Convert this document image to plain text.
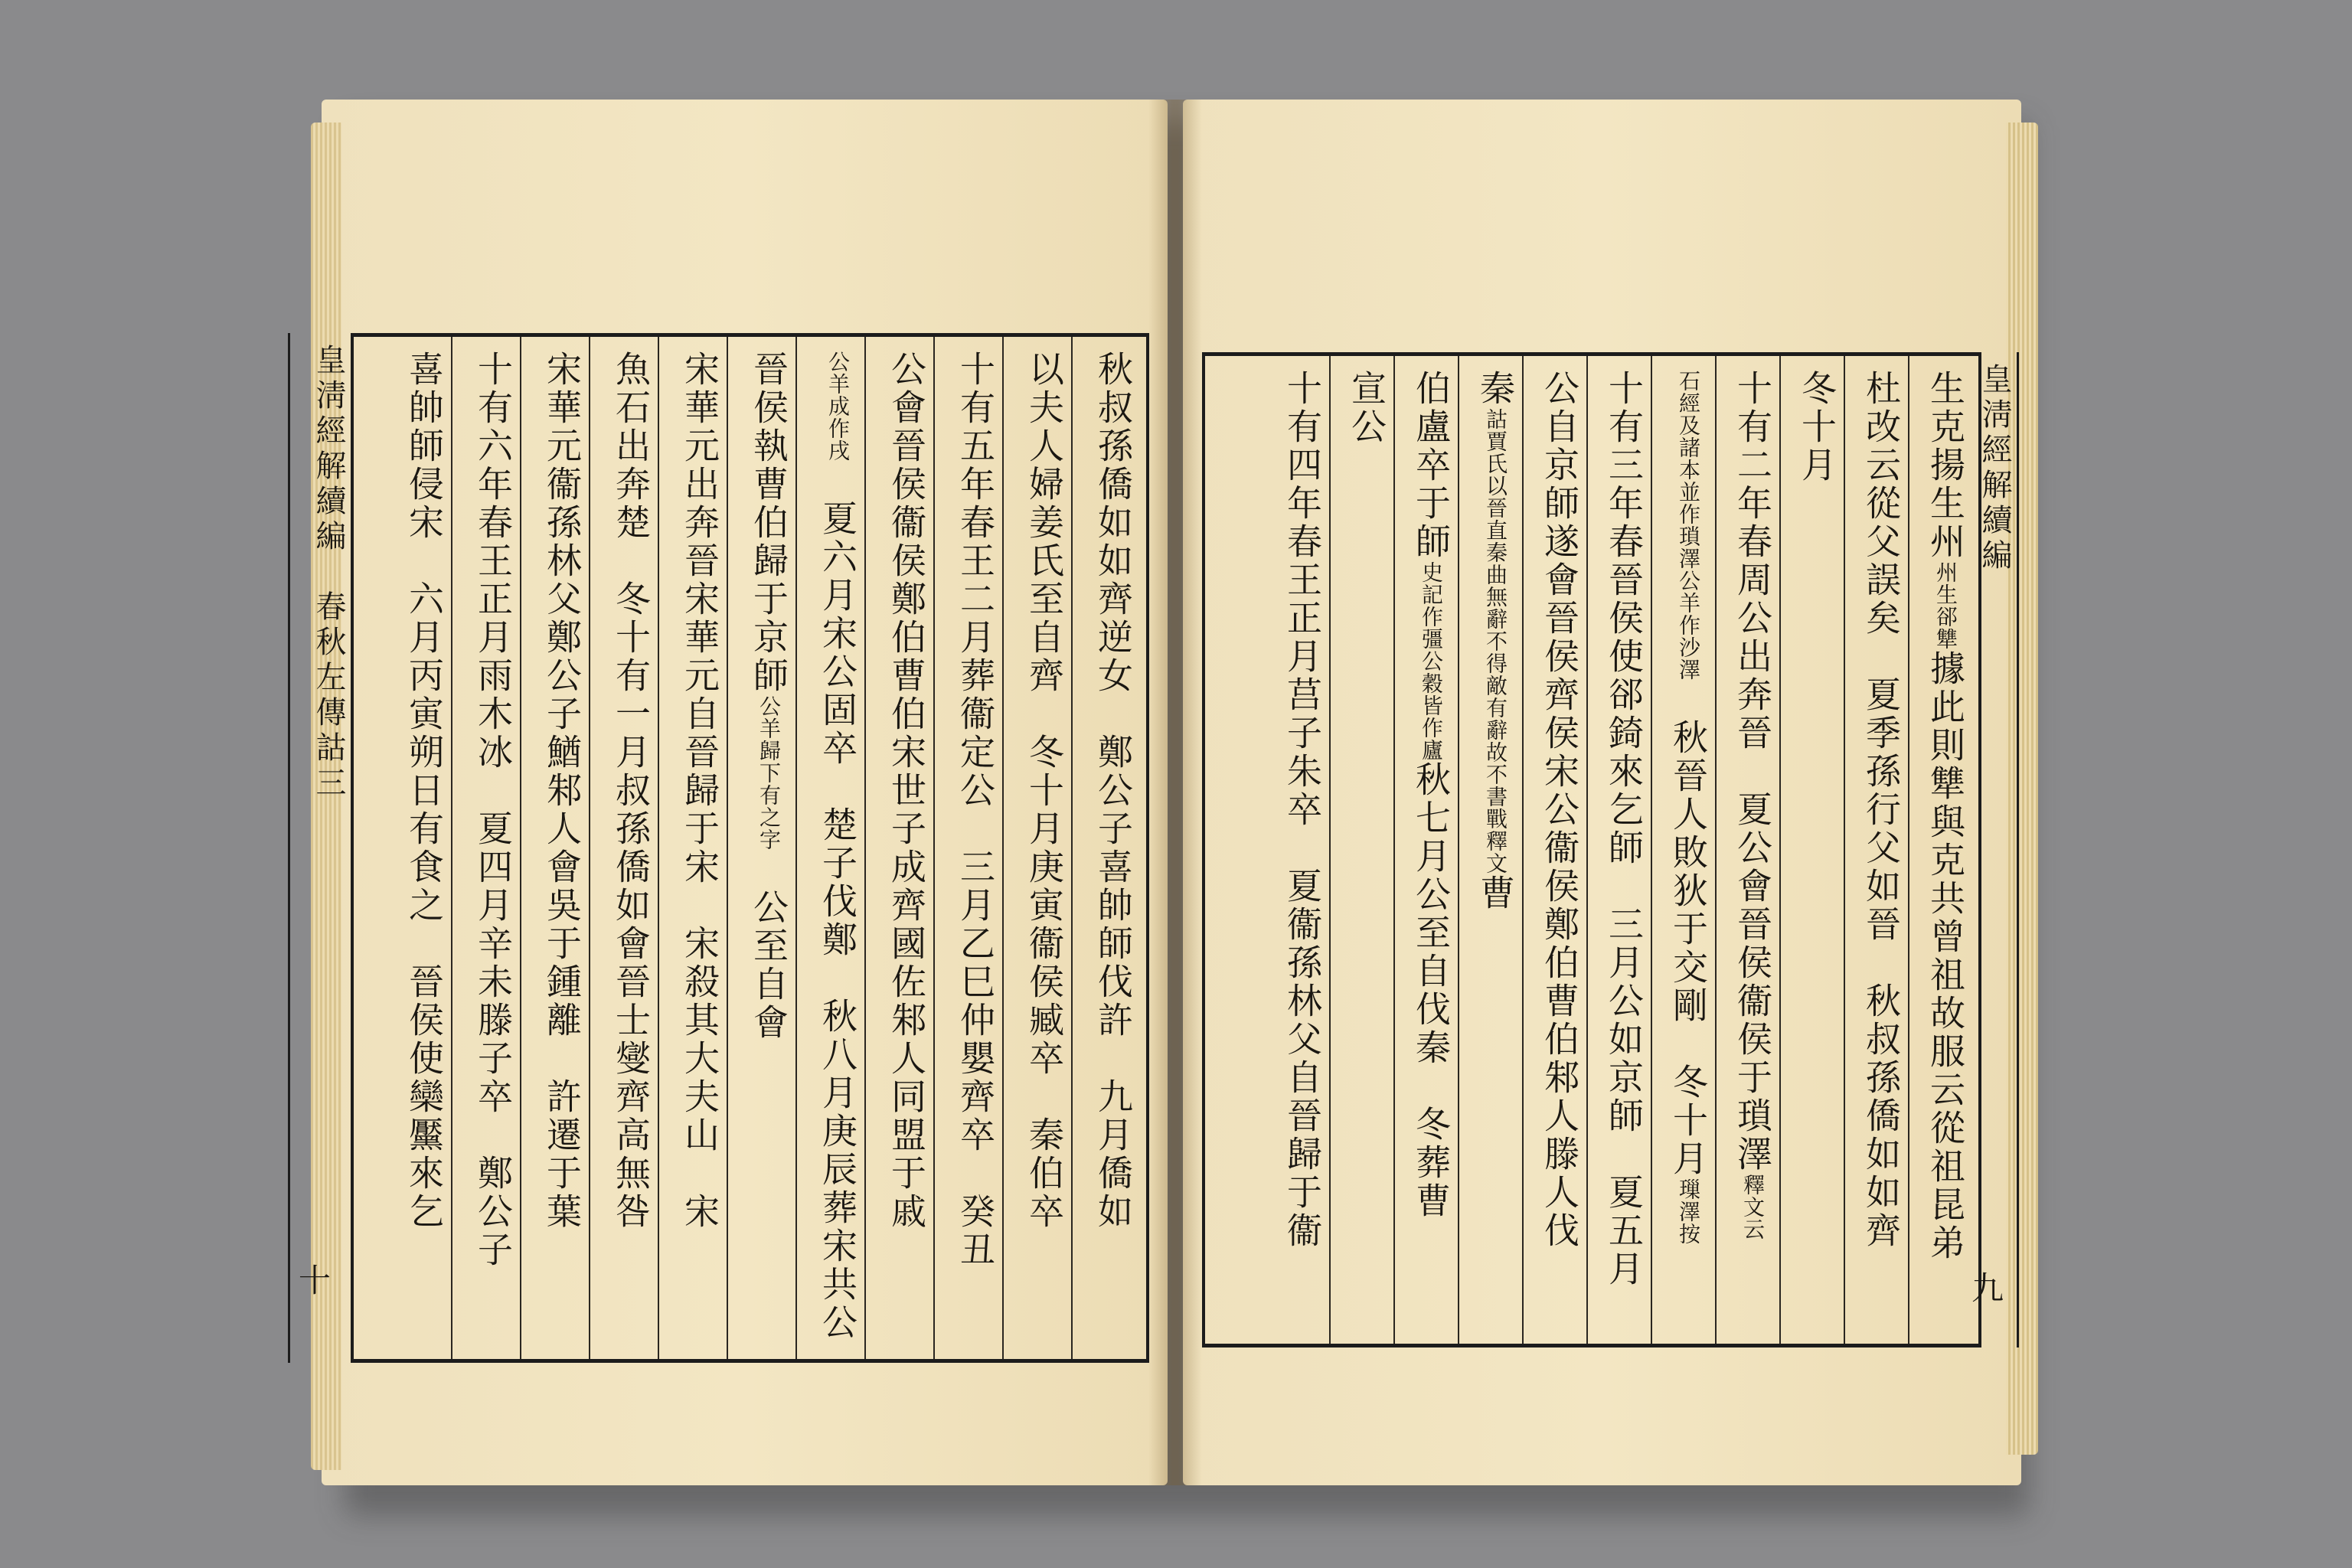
秋叔孫僑如如齊逆女　鄭公子喜帥師伐許　九月僑如
以夫人婦姜氏至自齊　冬十月庚寅衞侯臧卒　秦伯卒
十有五年春王二月葬衞定公　三月乙巳仲嬰齊卒　癸丑
公會晉侯衞侯鄭伯曹伯宋世子成齊國佐邾人同盟于戚
公羊成作戌　夏六月宋公固卒　楚子伐鄭　秋八月庚辰葬宋共公
晉侯執曹伯歸于京師公羊歸下有之字　公至自會
宋華元出奔晉宋華元自晉歸于宋　宋殺其大夫山　宋
魚石出奔楚　冬十有一月叔孫僑如會晉士燮齊高無咎
宋華元衞孫林父鄭公子鰌邾人會吳于鍾離　許遷于葉
十有六年春王正月雨木冰　夏四月辛未滕子卒　鄭公子
喜帥師侵宋　六月丙寅朔日有食之　晉侯使欒黶來乞
皇淸經解續編　春秋左傳詁三
十
生克揚生州州生郤犨據此則犨與克共曾祖故服云從祖昆弟
杜改云從父誤矣　夏季孫行父如晉　秋叔孫僑如如齊
冬十月
十有二年春周公出奔晉　夏公會晉侯衞侯于瑣澤釋文云
石經及諸本並作瑣澤公羊作沙澤　秋晉人敗狄于交剛　冬十月璅澤按
十有三年春晉侯使郤錡來乞師　三月公如京師　夏五月
公自京師遂會晉侯齊侯宋公衞侯鄭伯曹伯邾人滕人伐
秦詁賈氏以晉直秦曲無辭不得敵有辭故不書戰釋文曹
伯盧卒于師史記作彊公穀皆作廬秋七月公至自伐秦　冬葬曹
宣公
十有四年春王正月莒子朱卒　夏衞孫林父自晉歸于衞	皇淸經解續編
九
